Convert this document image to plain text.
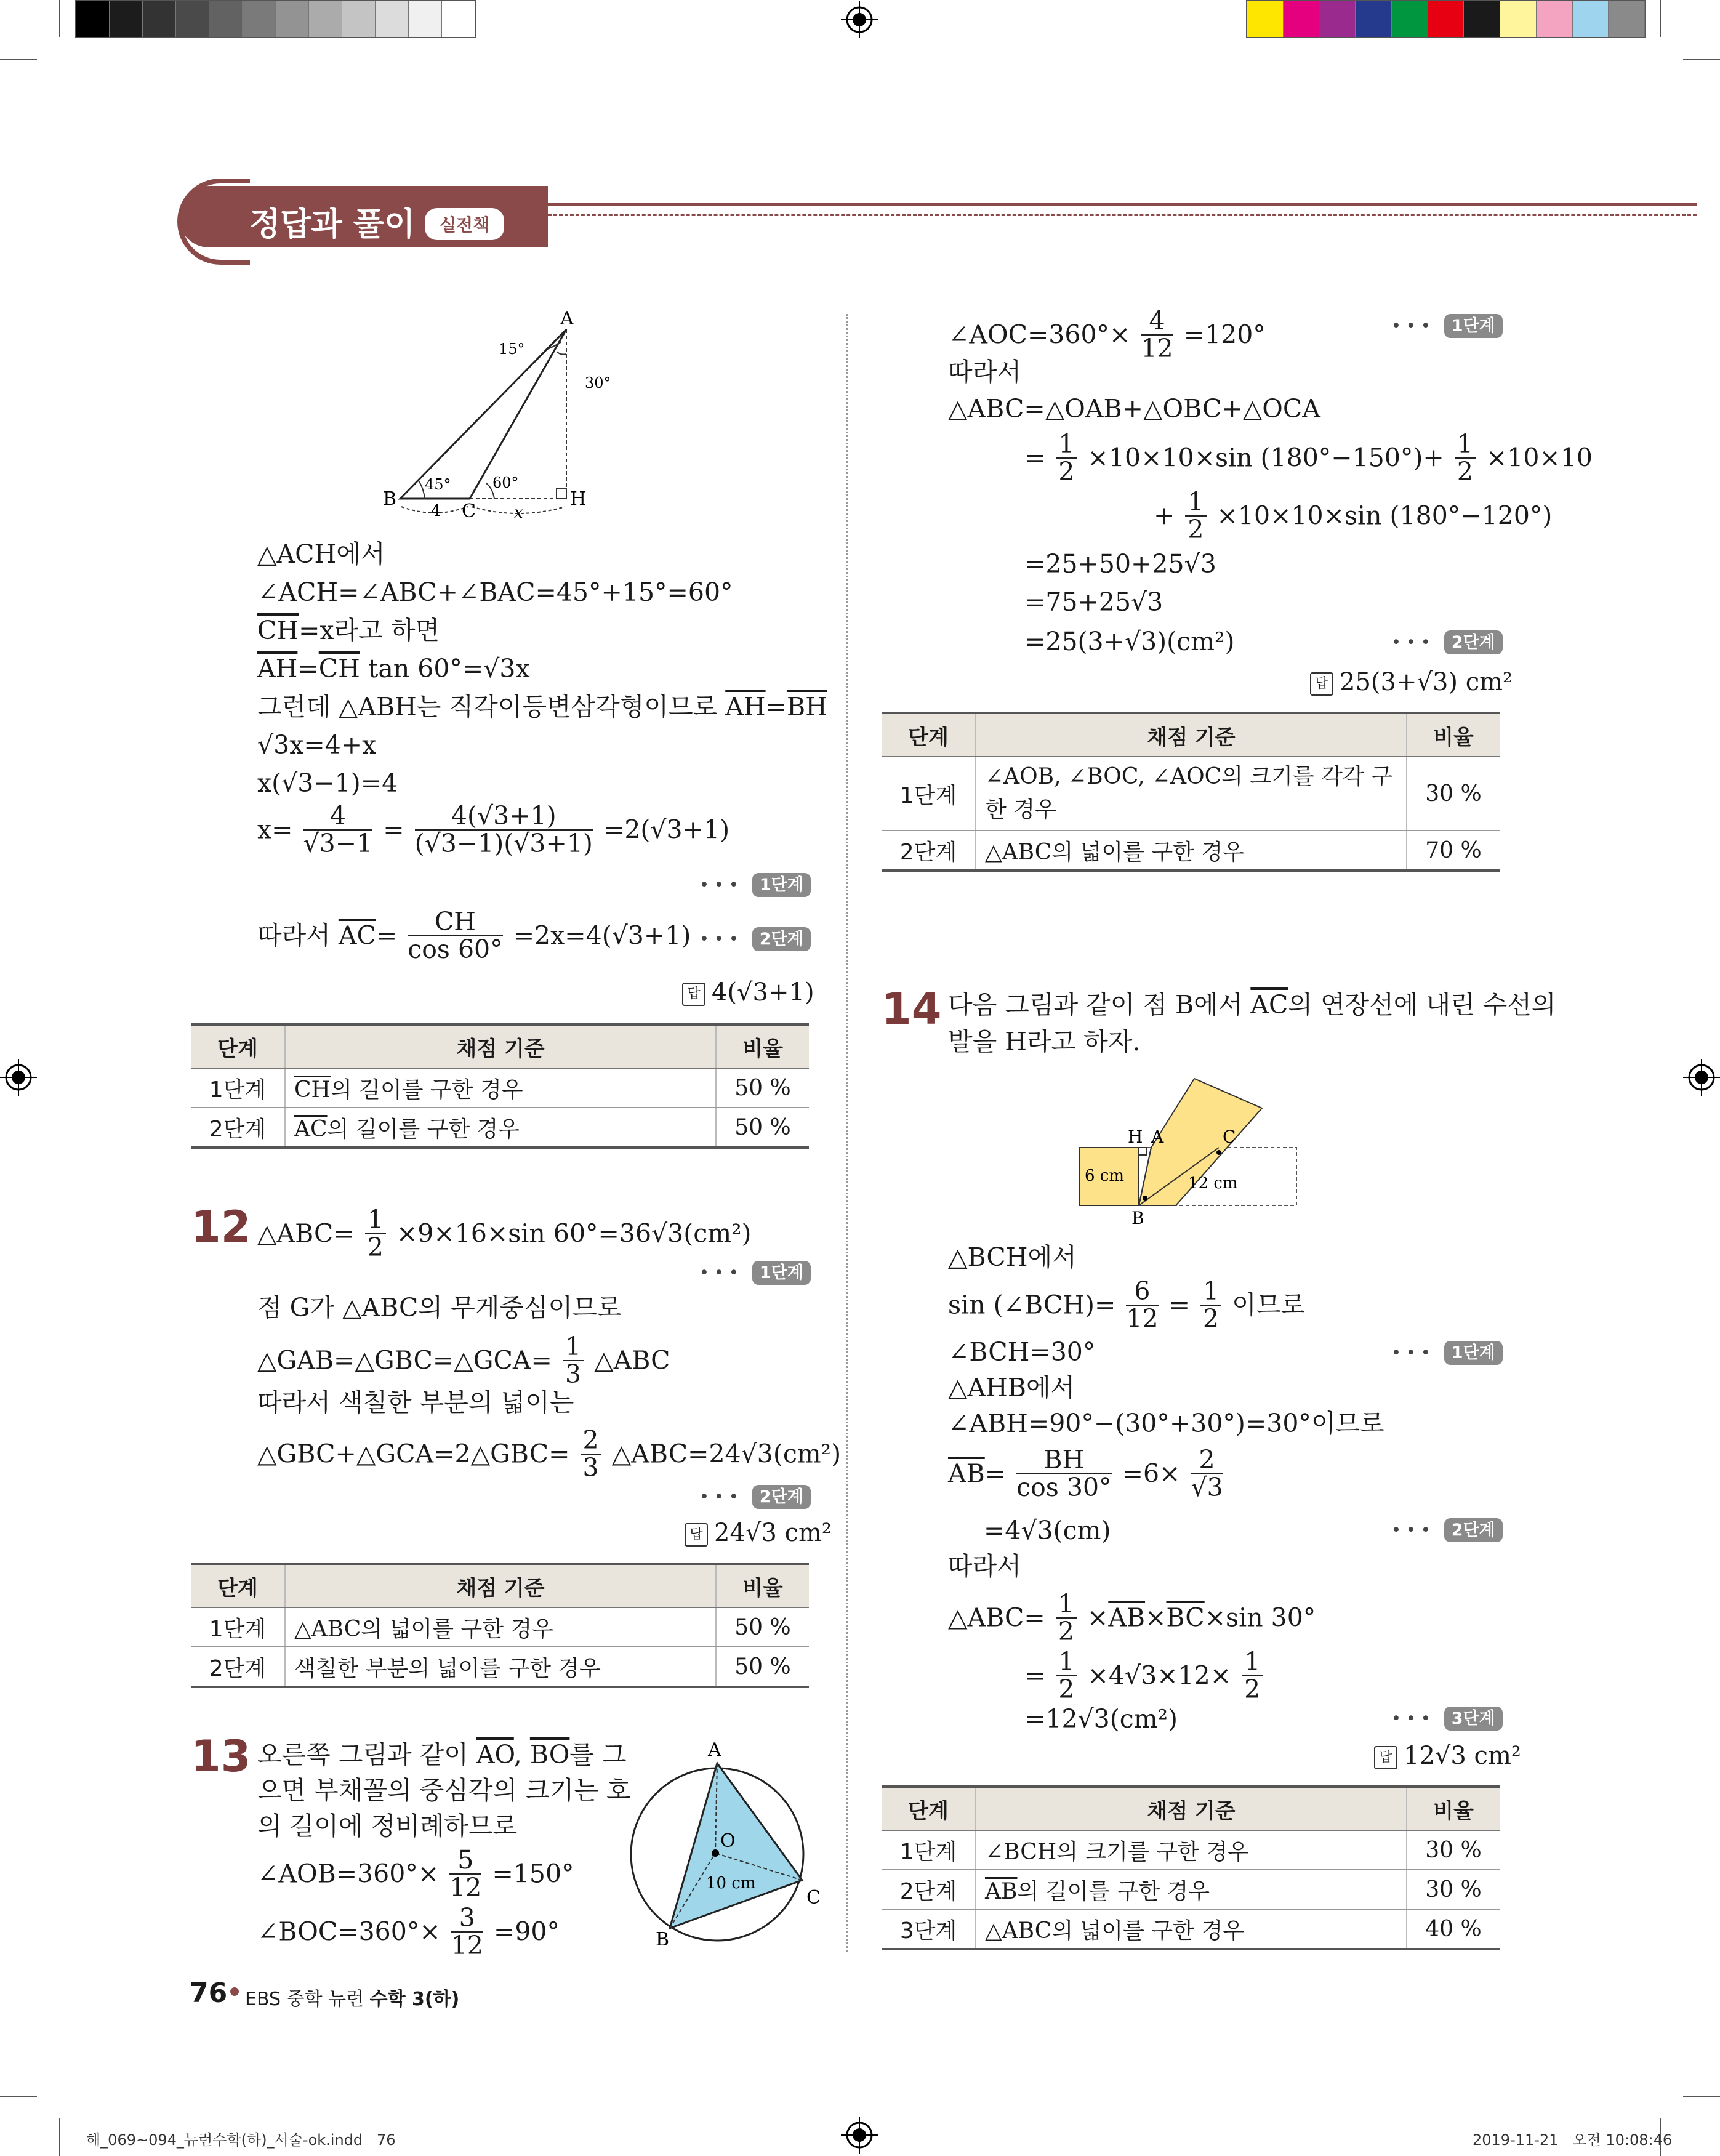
정답과 풀이	실전책
A
B
C
H
15°
30°
45°	60°
4	x
△ACH에서
∠ACH=∠ABC+∠BAC=45°+15°=60°
$\overline{CH}=x$라고 하면
$\overline{AH}=\overline{CH}$ tan 60°=√3x
그런데 △ABH는 직각이등변삼각형이므로 $\overline{AH}=\overline{BH}$
√3x=4+x
x(√3−1)=4
$x= \frac{4}{√3-1} = \frac{4(√3+1)}{(√3-1)(√3+1)} =2(√3+1)$
••• 1단계
따라서 $\overline{AC}= \frac{CH}{\cos 60^\circ} =2x=4(√3+1)$ ••• 2단계
답 4(√3+1)
단계	채점 기준	비율
1단계	$\overline{CH}$의 길이를 구한 경우	50 %
2단계	$\overline{AC}$의 길이를 구한 경우	50 %
12 △ABC= $\frac{1}{2} \times 9\times 16\times\sin$ 60°=36√3(cm²)
••• 1단계
점 G가 △ABC의 무게중심이므로
△GAB=△GBC=△GCA= $\frac{1}{3}$ △ABC
따라서 색칠한 부분의 넓이는
△GBC+△GCA=2△GBC= $\frac{2}{3}$ △ABC=24√3(cm²)
••• 2단계
답 24√3 cm²
단계	채점 기준	비율
1단계	△ABC의 넓이를 구한 경우	50 %
2단계	색칠한 부분의 넓이를 구한 경우	50 %
13 오른쪽 그림과 같이 $\overline{AO}$, $\overline{BO}$를 그
으면 부채꼴의 중심각의 크기는 호
의 길이에 정비례하므로
∠AOB=360°× $\frac{5}{12} =150^\circ$
∠BOC=360°× $\frac{3}{12} =90^\circ$
A
O
C
B
10 cm
∠AOC=360°× $\frac{4}{12} =120^\circ$	••• 1단계
따라서
△ABC=△OAB+△OBC+△OCA
= $\frac{1}{2} \times 10\times 10\times\sin$ $(180^\circ-150^\circ)+ \frac{1}{2} \times 10\times 10$
+ $\frac{1}{2} \times 10\times 10\times\sin$ (180°−120°)
=25+50+25√3
=75+25√3
=25(3+√3)(cm²)	••• 2단계
답 25(3+√3) cm²
단계	채점 기준	비율
1단계	∠AOB, ∠BOC, ∠AOC의 크기를 각각 구한 경우	30 %
2단계	△ABC의 넓이를 구한 경우	70 %
14 다음 그림과 같이 점 B에서 $\overline{AC}$의 연장선에 내린 수선의
발을 H라고 하자.
H A	C
B
6 cm	12 cm
△BCH에서
sin (∠BCH)= $\frac{6}{12} = \frac{1}{2}$ 이므로
∠BCH=30°	••• 1단계
△AHB에서
∠ABH=90°−(30°+30°)=30°이므로
$\overline{AB}= \frac{BH}{\cos 30^\circ} =6\times \frac{2}{√3}$
=4√3(cm)	••• 2단계
따라서
△ABC= $\frac{1}{2} \times\overline{AB}\times\overline{BC}\times\sin$ 30°
= $\frac{1}{2} \times 4√3\times 12\times \frac{1}{2}$
=12√3(cm²)	••• 3단계
답 12√3 cm²
단계	채점 기준	비율
1단계	∠BCH의 크기를 구한 경우	30 %
2단계	$\overline{AB}$의 길이를 구한 경우	30 %
3단계	△ABC의 넓이를 구한 경우	40 %
76 EBS 중학 뉴런 수학 3(하)
해_069~094_뉴런수학(하)_서술-ok.indd   76	2019-11-21   오전 10:08:46
